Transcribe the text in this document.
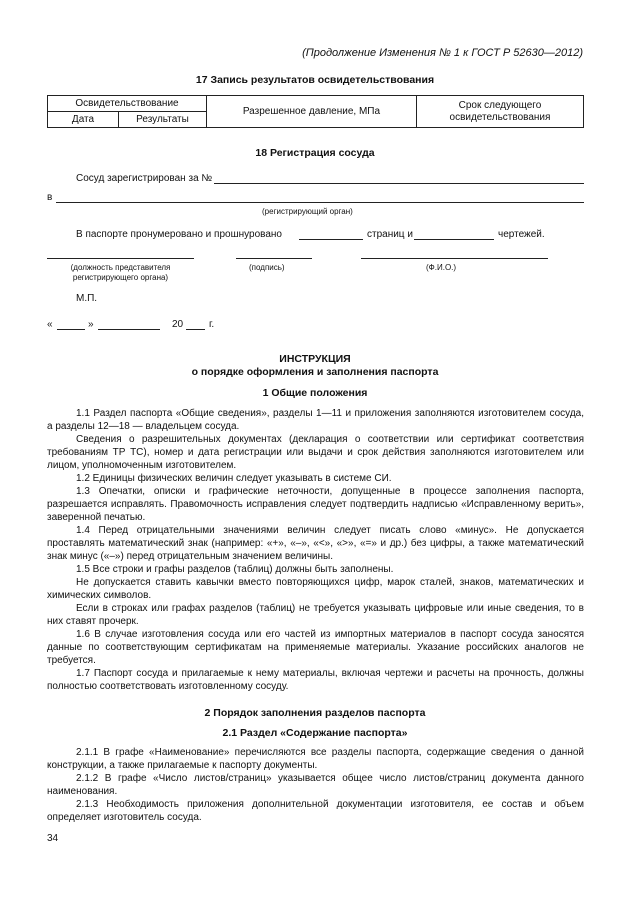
(Продолжение Изменения № 1 к ГОСТ Р 52630—2012)
17 Запись результатов освидетельствования
Освидетельствование		Разрешенное давление, МПа	Срок следующего освидетельствования
Дата	Результаты		
18 Регистрация сосуда
Сосуд зарегистрирован за №
в
(регистрирующий орган)
В паспорте пронумеровано и прошнуровано	страниц и	чертежей.
(должность представителя регистрирующего органа)
(подпись)	(Ф.И.О.)
М.П.
«	»	20	г.
ИНСТРУКЦИЯ
о порядке оформления и заполнения паспорта
1 Общие положения

1.1 Раздел паспорта «Общие сведения», разделы 1—11 и приложения заполняются изготовителем сосуда, а разделы 12—18 — владельцем сосуда.

Сведения о разрешительных документах (декларация о соответствии или сертификат соответствия требованиям ТР ТС), номер и дата регистрации или выдачи и срок действия заполняются изготовителем или лицом, уполномоченным изготовителем.

1.2 Единицы физических величин следует указывать в системе СИ.

1.3 Опечатки, описки и графические неточности, допущенные в процессе заполнения паспорта, разрешается исправлять. Правомочность исправления следует подтвердить надписью «Исправленному верить», заверенной печатью.

1.4 Перед отрицательными значениями величин следует писать слово «минус». Не допускается проставлять математический знак (например: «+», «–», «<», «>», «=» и др.) без цифры, а также математический знак минус («–») перед отрицательным значением величины.

1.5 Все строки и графы разделов (таблиц) должны быть заполнены.

Не допускается ставить кавычки вместо повторяющихся цифр, марок сталей, знаков, математических и химических символов.

Если в строках или графах разделов (таблиц) не требуется указывать цифровые или иные сведения, то в них ставят прочерк.

1.6 В случае изготовления сосуда или его частей из импортных материалов в паспорт сосуда заносятся данные по соответствующим сертификатам на применяемые материалы. Указание российских аналогов не требуется.

1.7 Паспорт сосуда и прилагаемые к нему материалы, включая чертежи и расчеты на прочность, должны полностью соответствовать изготовленному сосуду.

2 Порядок заполнения разделов паспорта
2.1 Раздел «Содержание паспорта»

2.1.1 В графе «Наименование» перечисляются все разделы паспорта, содержащие сведения о данной конструкции, а также прилагаемые к паспорту документы.

2.1.2 В графе «Число листов/страниц» указывается общее число листов/страниц документа данного наименования.

2.1.3 Необходимость приложения дополнительной документации изготовителя, ее состав и объем определяет изготовитель сосуда.

34
